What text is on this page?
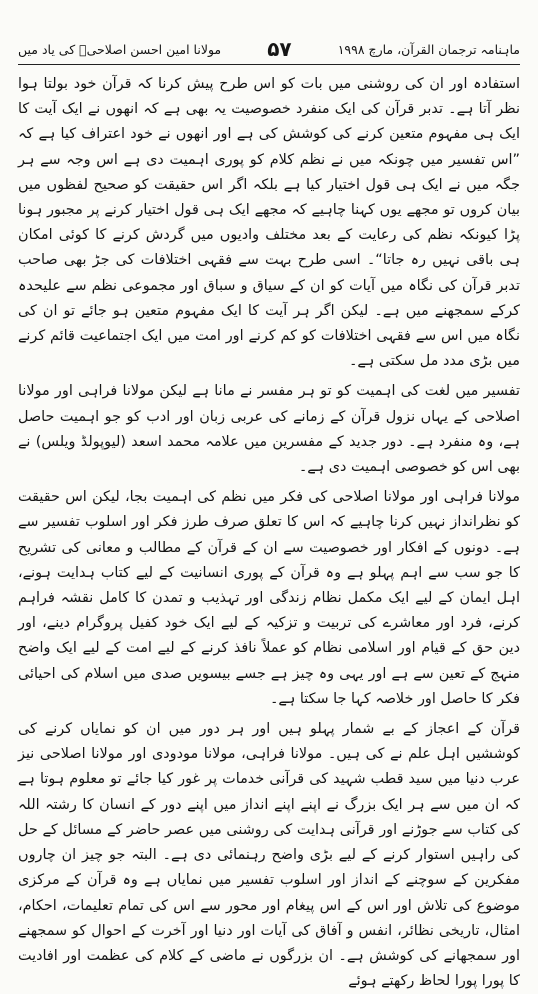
ماہنامہ ترجمان القرآن، مارچ ۱۹۹۸
۵۷
مولانا امین احسن اصلاحیؒ کی یاد میں

استفادہ اور ان کی روشنی میں بات کو اس طرح پیش کرنا کہ قرآن خود بولتا ہوا نظر آتا ہے۔ تدبر قرآن کی ایک منفرد خصوصیت یہ بھی ہے کہ انھوں نے ایک آیت کا ایک ہی مفہوم متعین کرنے کی کوشش کی ہے اور انھوں نے خود اعتراف کیا ہے کہ ”اس تفسیر میں چونکہ میں نے نظم کلام کو پوری اہمیت دی ہے اس وجہ سے ہر جگہ میں نے ایک ہی قول اختیار کیا ہے بلکہ اگر اس حقیقت کو صحیح لفظوں میں بیان کروں تو مجھے یوں کہنا چاہیے کہ مجھے ایک ہی قول اختیار کرنے پر مجبور ہونا پڑا کیونکہ نظم کی رعایت کے بعد مختلف وادیوں میں گردش کرنے کا کوئی امکان ہی باقی نہیں رہ جاتا“۔ اسی طرح بہت سے فقہی اختلافات کی جڑ بھی صاحب تدبر قرآن کی نگاہ میں آیات کو ان کے سیاق و سباق اور مجموعی نظم سے علیحدہ کرکے سمجھنے میں ہے۔ لیکن اگر ہر آیت کا ایک مفہوم متعین ہو جائے تو ان کی نگاہ میں اس سے فقہی اختلافات کو کم کرنے اور امت میں ایک اجتماعیت قائم کرنے میں بڑی مدد مل سکتی ہے۔

تفسیر میں لغت کی اہمیت کو تو ہر مفسر نے مانا ہے لیکن مولانا فراہی اور مولانا اصلاحی کے یہاں نزول قرآن کے زمانے کی عربی زبان اور ادب کو جو اہمیت حاصل ہے، وہ منفرد ہے۔ دور جدید کے مفسرین میں علامہ محمد اسعد (لیوپولڈ ویلس) نے بھی اس کو خصوصی اہمیت دی ہے۔

مولانا فراہی اور مولانا اصلاحی کی فکر میں نظم کی اہمیت بجا، لیکن اس حقیقت کو نظرانداز نہیں کرنا چاہیے کہ اس کا تعلق صرف طرز فکر اور اسلوب تفسیر سے ہے۔ دونوں کے افکار اور خصوصیت سے ان کے قرآن کے مطالب و معانی کی تشریح کا جو سب سے اہم پہلو ہے وہ قرآن کے پوری انسانیت کے لیے کتاب ہدایت ہونے، اہل ایمان کے لیے ایک مکمل نظام زندگی اور تہذیب و تمدن کا کامل نقشہ فراہم کرنے، فرد اور معاشرے کی تربیت و تزکیہ کے لیے ایک خود کفیل پروگرام دینے، اور دین حق کے قیام اور اسلامی نظام کو عملاً نافذ کرنے کے لیے امت کے لیے ایک واضح منہج کے تعین سے ہے اور یہی وہ چیز ہے جسے بیسویں صدی میں اسلام کی احیائی فکر کا حاصل اور خلاصہ کہا جا سکتا ہے۔

قرآن کے اعجاز کے بے شمار پہلو ہیں اور ہر دور میں ان کو نمایاں کرنے کی کوششیں اہل علم نے کی ہیں۔ مولانا فراہی، مولانا مودودی اور مولانا اصلاحی نیز عرب دنیا میں سید قطب شہید کی قرآنی خدمات پر غور کیا جائے تو معلوم ہوتا ہے کہ ان میں سے ہر ایک بزرگ نے اپنے اپنے انداز میں اپنے دور کے انسان کا رشتہ اللہ کی کتاب سے جوڑنے اور قرآنی ہدایت کی روشنی میں عصر حاضر کے مسائل کے حل کی راہیں استوار کرنے کے لیے بڑی واضح رہنمائی دی ہے۔ البتہ جو چیز ان چاروں مفکرین کے سوچنے کے انداز اور اسلوب تفسیر میں نمایاں ہے وہ قرآن کے مرکزی موضوع کی تلاش اور اس کے اس پیغام اور محور سے اس کی تمام تعلیمات، احکام، امثال، تاریخی نظائر، انفس و آفاق کی آیات اور دنیا اور آخرت کے احوال کو سمجھنے اور سمجھانے کی کوشش ہے۔ ان بزرگوں نے ماضی کے کلام کی عظمت اور افادیت کا پورا پورا لحاظ رکھتے ہوئے
